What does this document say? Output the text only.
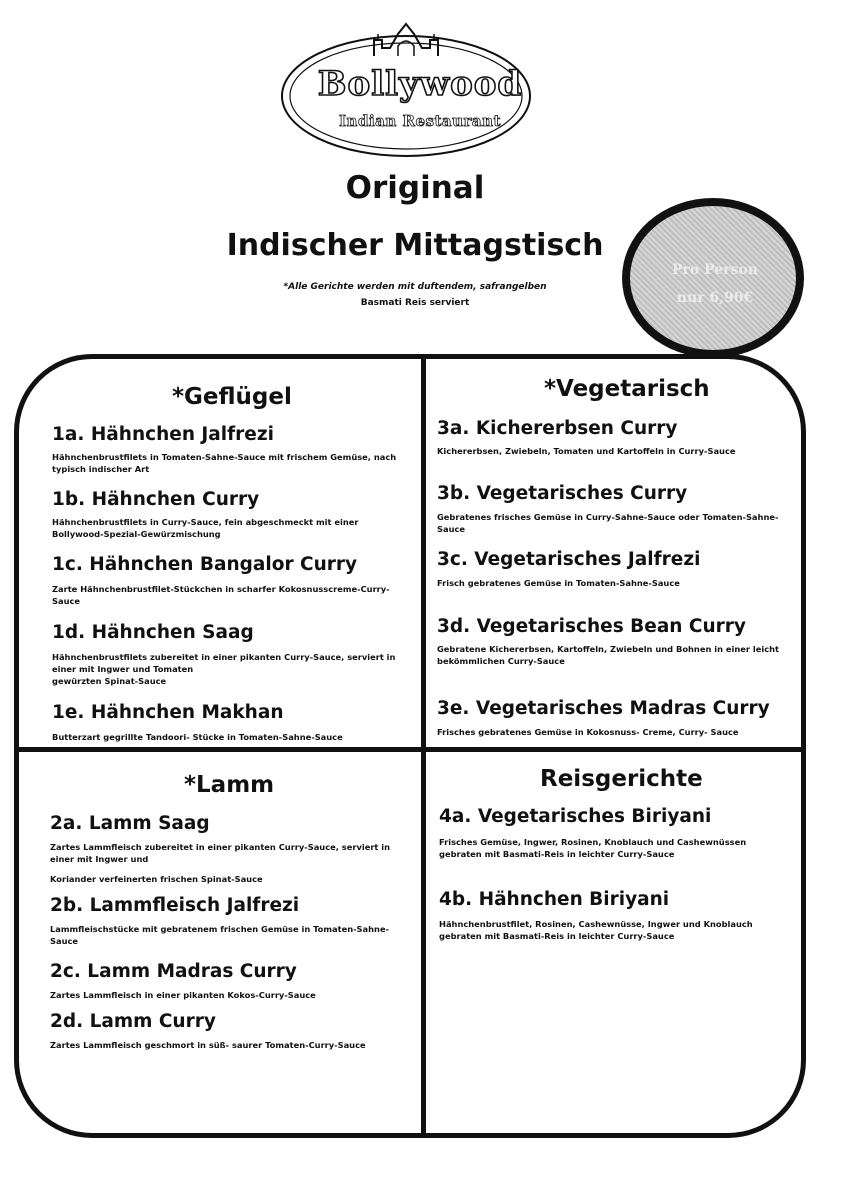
Bollywood
Indian Restaurant
Original
Indischer Mittagstisch
*Alle Gerichte werden mit duftendem, safrangelben
Basmati Reis serviert
Pro Person
nur 6,90€
*Geflügel
1a. Hähnchen Jalfrezi
Hähnchenbrustfilets in Tomaten-Sahne-Sauce mit frischem Gemüse, nach typisch indischer Art
1b. Hähnchen Curry
Hähnchenbrustfilets in Curry-Sauce, fein abgeschmeckt mit einer Bollywood-Spezial-Gewürzmischung
1c. Hähnchen Bangalor Curry
Zarte Hähnchenbrustfilet-Stückchen in scharfer Kokosnusscreme-Curry-Sauce
1d. Hähnchen Saag
Hähnchenbrustfilets zubereitet in einer pikanten Curry-Sauce, serviert in einer mit Ingwer und Tomaten
gewürzten Spinat-Sauce
1e. Hähnchen Makhan
Butterzart gegrillte Tandoori- Stücke in Tomaten-Sahne-Sauce
*Vegetarisch
3a. Kichererbsen Curry
Kichererbsen, Zwiebeln, Tomaten und Kartoffeln in Curry-Sauce
3b. Vegetarisches Curry
Gebratenes frisches Gemüse in Curry-Sahne-Sauce oder Tomaten-Sahne-Sauce
3c. Vegetarisches Jalfrezi
Frisch gebratenes Gemüse in Tomaten-Sahne-Sauce
3d. Vegetarisches Bean Curry
Gebratene Kichererbsen, Kartoffeln, Zwiebeln und Bohnen in einer leicht bekömmlichen Curry-Sauce
3e. Vegetarisches Madras Curry
Frisches gebratenes Gemüse in Kokosnuss- Creme, Curry- Sauce
*Lamm
2a. Lamm Saag
Zartes Lammfleisch zubereitet in einer pikanten Curry-Sauce, serviert in einer mit Ingwer und
Koriander verfeinerten frischen Spinat-Sauce
2b. Lammfleisch Jalfrezi
Lammfleischstücke mit gebratenem frischen Gemüse in Tomaten-Sahne-Sauce
2c. Lamm Madras Curry
Zartes Lammfleisch in einer pikanten Kokos-Curry-Sauce
2d. Lamm Curry
Zartes Lammfleisch geschmort in süß- saurer Tomaten-Curry-Sauce
Reisgerichte
4a. Vegetarisches Biriyani
Frisches Gemüse, Ingwer, Rosinen, Knoblauch und Cashewnüssen gebraten mit Basmati-Reis in leichter Curry-Sauce
4b. Hähnchen Biriyani
Hähnchenbrustfilet, Rosinen, Cashewnüsse, Ingwer und Knoblauch gebraten mit Basmati-Reis in leichter Curry-Sauce
